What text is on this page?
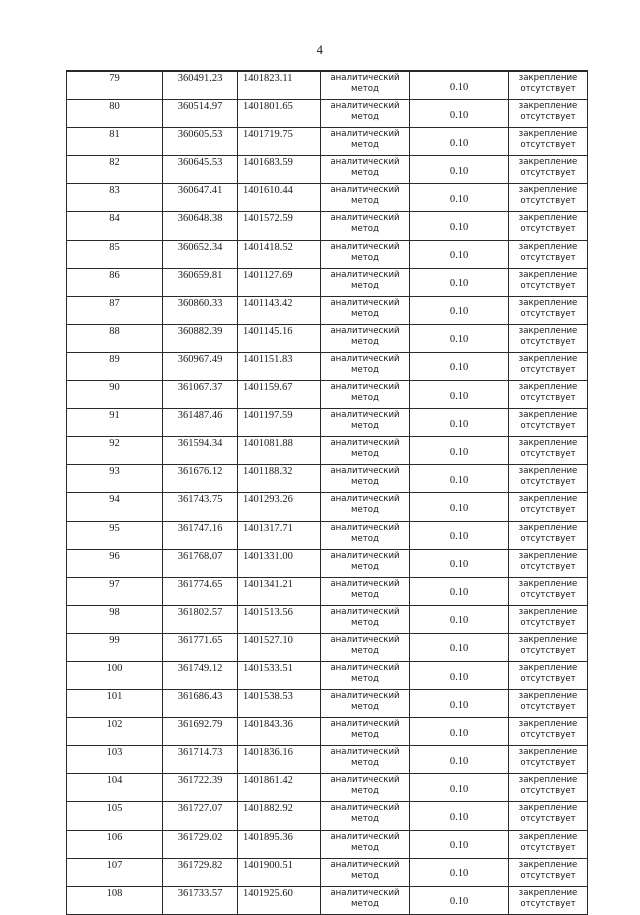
4
79	360491.23	1401823.11	аналитический
метод	0.10	закрепление
отсутствует

80	360514.97	1401801.65	аналитический
метод	0.10	закрепление
отсутствует

81	360605.53	1401719.75	аналитический
метод	0.10	закрепление
отсутствует

82	360645.53	1401683.59	аналитический
метод	0.10	закрепление
отсутствует

83	360647.41	1401610.44	аналитический
метод	0.10	закрепление
отсутствует

84	360648.38	1401572.59	аналитический
метод	0.10	закрепление
отсутствует

85	360652.34	1401418.52	аналитический
метод	0.10	закрепление
отсутствует

86	360659.81	1401127.69	аналитический
метод	0.10	закрепление
отсутствует

87	360860.33	1401143.42	аналитический
метод	0.10	закрепление
отсутствует

88	360882.39	1401145.16	аналитический
метод	0.10	закрепление
отсутствует

89	360967.49	1401151.83	аналитический
метод	0.10	закрепление
отсутствует

90	361067.37	1401159.67	аналитический
метод	0.10	закрепление
отсутствует

91	361487.46	1401197.59	аналитический
метод	0.10	закрепление
отсутствует

92	361594.34	1401081.88	аналитический
метод	0.10	закрепление
отсутствует

93	361676.12	1401188.32	аналитический
метод	0.10	закрепление
отсутствует

94	361743.75	1401293.26	аналитический
метод	0.10	закрепление
отсутствует

95	361747.16	1401317.71	аналитический
метод	0.10	закрепление
отсутствует

96	361768.07	1401331.00	аналитический
метод	0.10	закрепление
отсутствует

97	361774.65	1401341.21	аналитический
метод	0.10	закрепление
отсутствует

98	361802.57	1401513.56	аналитический
метод	0.10	закрепление
отсутствует

99	361771.65	1401527.10	аналитический
метод	0.10	закрепление
отсутствует

100	361749.12	1401533.51	аналитический
метод	0.10	закрепление
отсутствует

101	361686.43	1401538.53	аналитический
метод	0.10	закрепление
отсутствует

102	361692.79	1401843.36	аналитический
метод	0.10	закрепление
отсутствует

103	361714.73	1401836.16	аналитический
метод	0.10	закрепление
отсутствует

104	361722.39	1401861.42	аналитический
метод	0.10	закрепление
отсутствует

105	361727.07	1401882.92	аналитический
метод	0.10	закрепление
отсутствует

106	361729.02	1401895.36	аналитический
метод	0.10	закрепление
отсутствует

107	361729.82	1401900.51	аналитический
метод	0.10	закрепление
отсутствует

108	361733.57	1401925.60	аналитический
метод	0.10	закрепление
отсутствует
